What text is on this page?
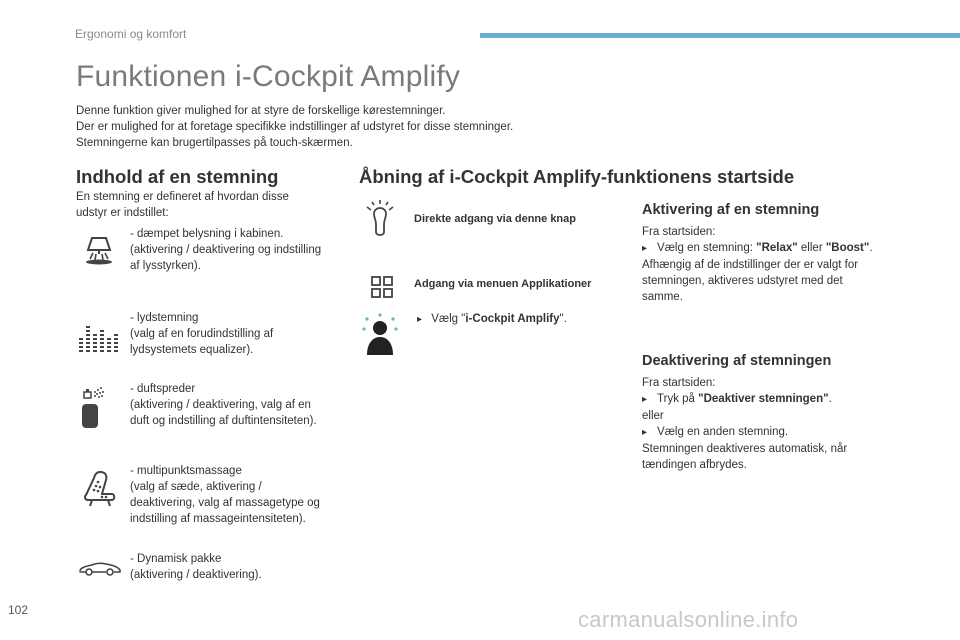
Ergonomi og komfort
Funktionen i-Cockpit Amplify
Denne funktion giver mulighed for at styre de forskellige kørestemninger.
Der er mulighed for at foretage specifikke indstillinger af udstyret for disse stemninger.
Stemningerne kan brugertilpasses på touch-skærmen.
Indhold af en stemning
En stemning er defineret af hvordan disse
udstyr er indstillet:
- dæmpet belysning i kabinen.
(aktivering / deaktivering og indstilling
af lysstyrken).
- lydstemning
(valg af en forudindstilling af
lydsystemets equalizer).
- duftspreder
(aktivering / deaktivering, valg af en
duft og indstilling af duftintensiteten).
- multipunktsmassage
(valg af sæde, aktivering /
deaktivering, valg af massagetype og
indstilling af massageintensiteten).
- Dynamisk pakke
(aktivering / deaktivering).
Åbning af i-Cockpit Amplify-funktionens startside
Direkte adgang via denne knap
Adgang via menuen Applikationer
▸ Vælg "i-Cockpit Amplify".
Aktivering af en stemning
Fra startsiden:
▸ Vælg en stemning: "Relax" eller "Boost".
Afhængig af de indstillinger der er valgt for
stemningen, aktiveres udstyret med det
samme.
Deaktivering af stemningen
Fra startsiden:
▸ Tryk på "Deaktiver stemningen".
eller
▸ Vælg en anden stemning.
Stemningen deaktiveres automatisk, når
tændingen afbrydes.
102	carmanualsonline.info
